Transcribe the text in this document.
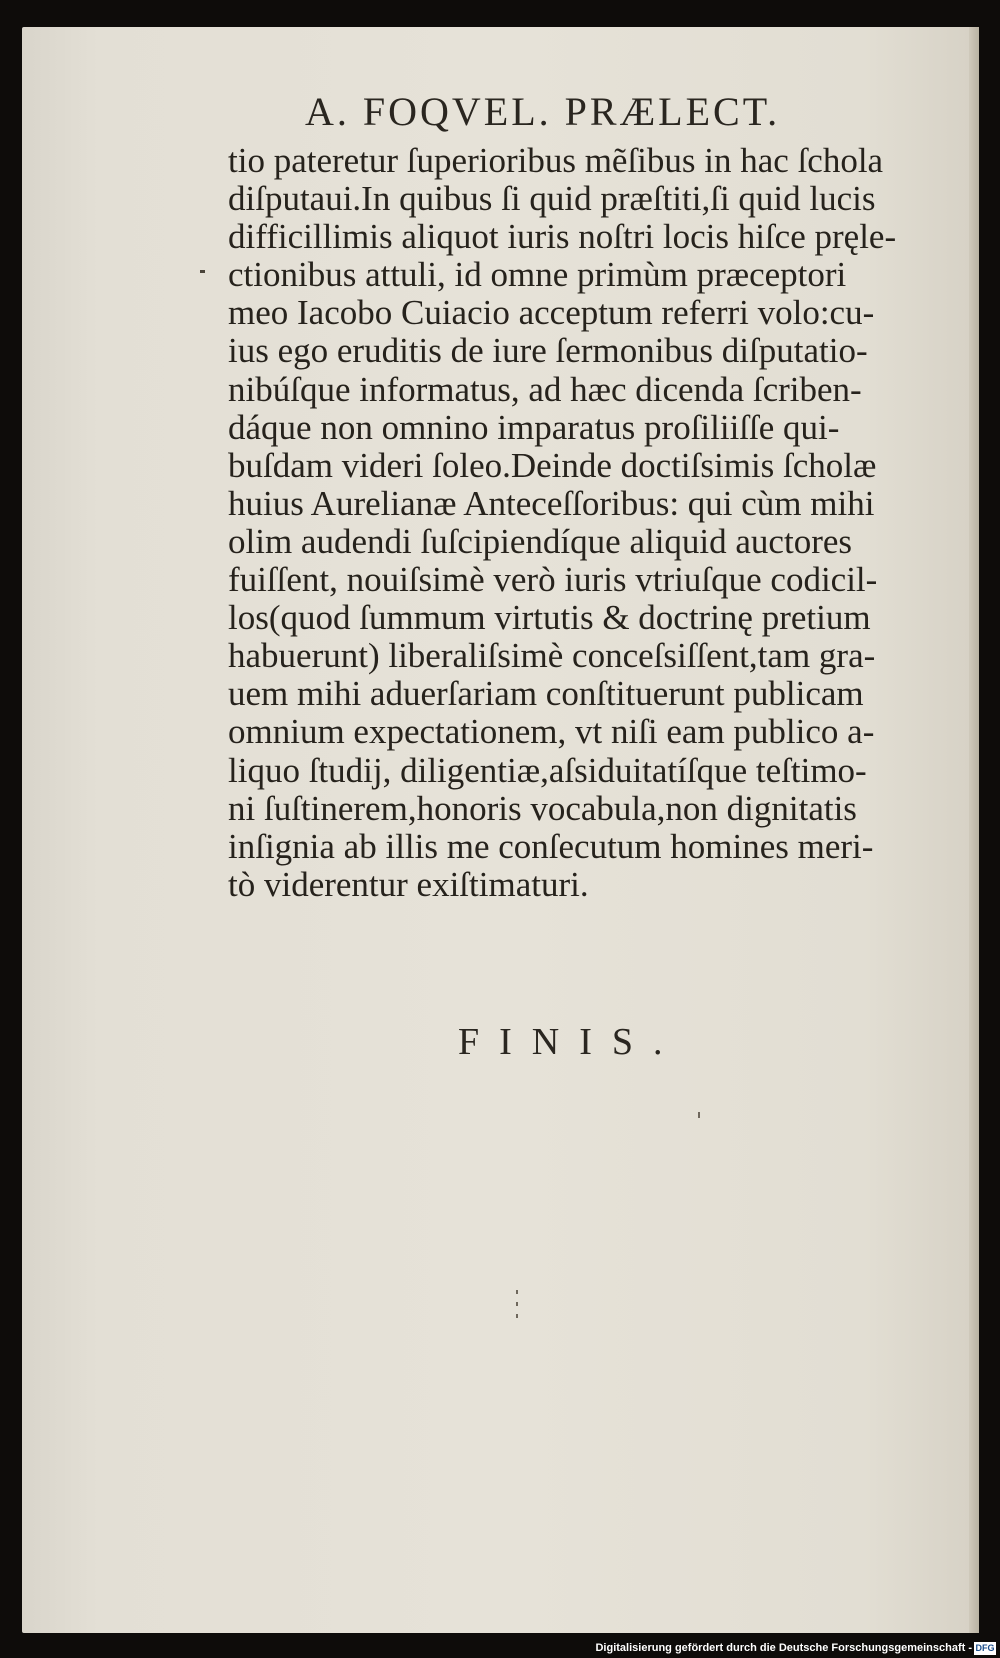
A. FOQVEL. PRÆLECT.
tio pateretur ſuperioribus mẽſibus in hac ſchola
diſputaui.In quibus ſi quid præſtiti,ſi quid lucis
difficillimis aliquot iuris noſtri locis hiſce pręle-
ctionibus attuli, id omne primùm præceptori
meo Iacobo Cuiacio acceptum referri volo:cu-
ius ego eruditis de iure ſermonibus diſputatio-
nibúſque informatus, ad hæc dicenda ſcriben-
dáque non omnino imparatus proſiliiſſe qui-
buſdam videri ſoleo.Deinde doctiſsimis ſcholæ
huius Aurelianæ Anteceſſoribus: qui cùm mihi
olim audendi ſuſcipiendíque aliquid auctores
fuiſſent, nouiſsimè verò iuris vtriuſque codicil-
los(quod ſummum virtutis & doctrinę pretium
habuerunt) liberaliſsimè conceſsiſſent,tam gra-
uem mihi aduerſariam conſtituerunt publicam
omnium expectationem, vt niſi eam publico a-
liquo ſtudij, diligentiæ,aſsiduitatíſque teſtimo-
ni ſuſtinerem,honoris vocabula,non dignitatis
inſignia ab illis me conſecutum homines meri-
tò viderentur exiſtimaturi.
FINIS.
Digitalisierung gefördert durch die Deutsche Forschungsgemeinschaft - DFG
